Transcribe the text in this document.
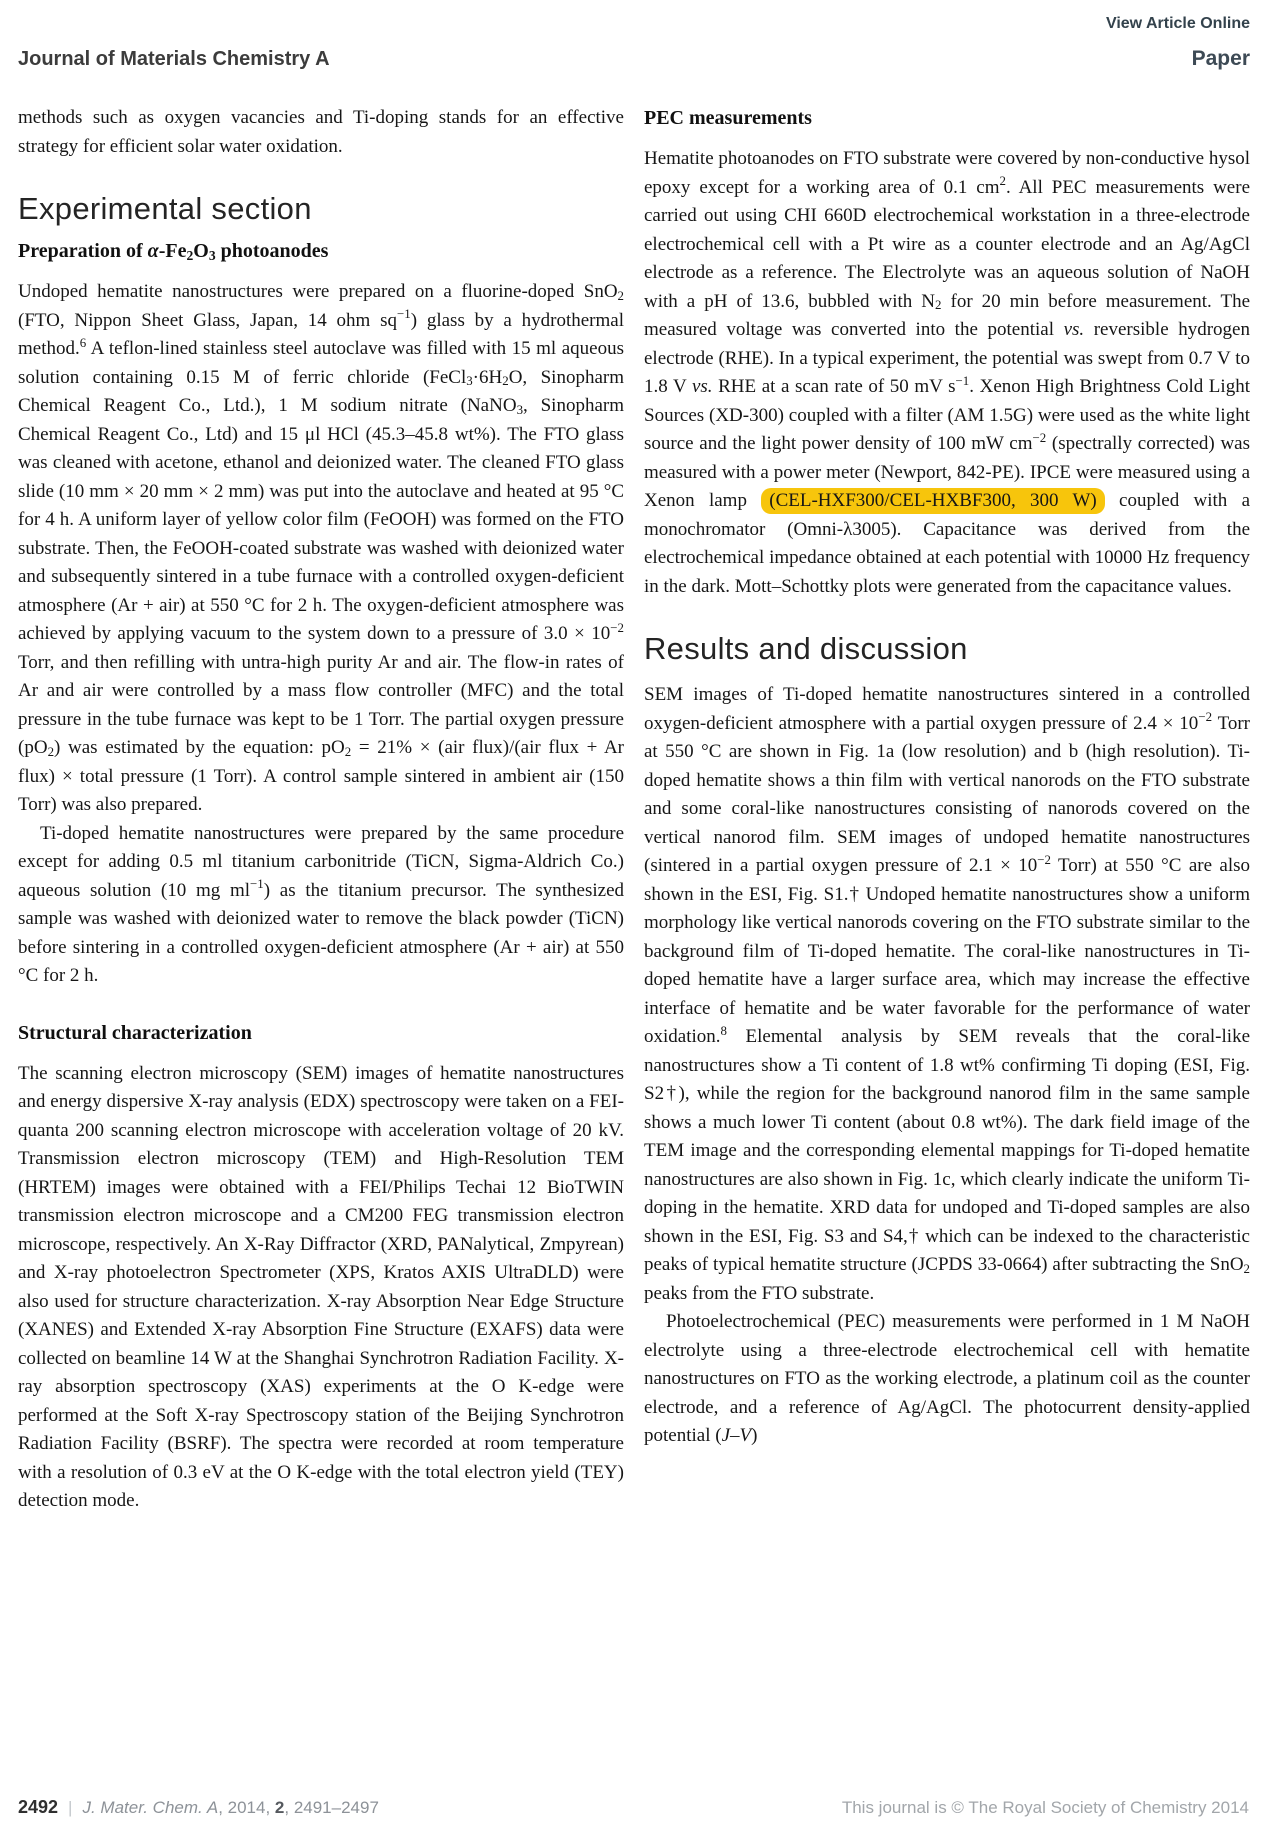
View Article Online
Journal of Materials Chemistry A	Paper

methods such as oxygen vacancies and Ti-doping stands for an effective strategy for efficient solar water oxidation.

Experimental section
Preparation of $\alpha-Fe_2O_3$ photoanodes

Undoped hematite nanostructures were prepared on a fluorine-doped SnO$_2$ (FTO, Nippon Sheet Glass, Japan, 14 ohm $sq^{-1}$) glass by a hydrothermal method.$^6$ A teflon-lined stainless steel autoclave was filled with 15 ml aqueous solution containing 0.15 M of ferric chloride ($FeCl_3\cdot 6H_2O$, Sinopharm Chemical Reagent Co., Ltd.), 1 M sodium nitrate (NaNO$_3$, Sinopharm Chemical Reagent Co., Ltd) and 15 μl HCl (45.3–45.8 wt%). The FTO glass was cleaned with acetone, ethanol and deionized water. The cleaned FTO glass slide (10 mm × 20 mm × 2 mm) was put into the autoclave and heated at 95 °C for 4 h. A uniform layer of yellow color film (FeOOH) was formed on the FTO substrate. Then, the FeOOH-coated substrate was washed with deionized water and subsequently sintered in a tube furnace with a controlled oxygen-deficient atmosphere (Ar + air) at 550 °C for 2 h. The oxygen-deficient atmosphere was achieved by applying vacuum to the system down to a pressure of $3.0 \times 10^{-2}$ Torr, and then refilling with untra-high purity Ar and air. The flow-in rates of Ar and air were controlled by a mass flow controller (MFC) and the total pressure in the tube furnace was kept to be 1 Torr. The partial oxygen pressure $(pO_2)$ was estimated by the equation: $pO_2 = 21\% \times (air$ flux)/(air flux + Ar flux) × total pressure (1 Torr). A control sample sintered in ambient air (150 Torr) was also prepared.

Ti-doped hematite nanostructures were prepared by the same procedure except for adding 0.5 ml titanium carbonitride (TiCN, Sigma-Aldrich Co.) aqueous solution (10 mg $ml^{-1}$) as the titanium precursor. The synthesized sample was washed with deionized water to remove the black powder (TiCN) before sintering in a controlled oxygen-deficient atmosphere (Ar + air) at 550 °C for 2 h.

Structural characterization

The scanning electron microscopy (SEM) images of hematite nanostructures and energy dispersive X-ray analysis (EDX) spectroscopy were taken on a FEI-quanta 200 scanning electron microscope with acceleration voltage of 20 kV. Transmission electron microscopy (TEM) and High-Resolution TEM (HRTEM) images were obtained with a FEI/Philips Techai 12 BioTWIN transmission electron microscope and a CM200 FEG transmission electron microscope, respectively. An X-Ray Diffractor (XRD, PANalytical, Zmpyrean) and X-ray photoelectron Spectrometer (XPS, Kratos AXIS UltraDLD) were also used for structure characterization. X-ray Absorption Near Edge Structure (XANES) and Extended X-ray Absorption Fine Structure (EXAFS) data were collected on beamline 14 W at the Shanghai Synchrotron Radiation Facility. X-ray absorption spectroscopy (XAS) experiments at the O K-edge were performed at the Soft X-ray Spectroscopy station of the Beijing Synchrotron Radiation Facility (BSRF). The spectra were recorded at room temperature with a resolution of 0.3 eV at the O K-edge with the total electron yield (TEY) detection mode.

PEC measurements

Hematite photoanodes on FTO substrate were covered by non-conductive hysol epoxy except for a working area of 0.1 $cm^2$. All PEC measurements were carried out using CHI 660D electrochemical workstation in a three-electrode electrochemical cell with a Pt wire as a counter electrode and an Ag/AgCl electrode as a reference. The Electrolyte was an aqueous solution of NaOH with a pH of 13.6, bubbled with $N_2$ for 20 min before measurement. The measured voltage was converted into the potential vs. reversible hydrogen electrode (RHE). In a typical experiment, the potential was swept from 0.7 V to 1.8 V vs. RHE at a scan rate of 50 mV $s^{-1}$. Xenon High Brightness Cold Light Sources (XD-300) coupled with a filter (AM 1.5G) were used as the white light source and the light power density of 100 mW $cm^{-2}$ (spectrally corrected) was measured with a power meter (Newport, 842-PE). IPCE were measured using a Xenon lamp (CEL-HXF300/CEL-HXBF300, 300 W) coupled with a monochromator (Omni-λ3005). Capacitance was derived from the electrochemical impedance obtained at each potential with 10000 Hz frequency in the dark. Mott–Schottky plots were generated from the capacitance values.

Results and discussion

SEM images of Ti-doped hematite nanostructures sintered in a controlled oxygen-deficient atmosphere with a partial oxygen pressure of $2.4 \times 10^{-2}$ Torr at 550 °C are shown in Fig. 1a (low resolution) and b (high resolution). Ti-doped hematite shows a thin film with vertical nanorods on the FTO substrate and some coral-like nanostructures consisting of nanorods covered on the vertical nanorod film. SEM images of undoped hematite nanostructures (sintered in a partial oxygen pressure of $2.1 \times 10^{-2}$ Torr) at 550 °C are also shown in the ESI, Fig. S1.† Undoped hematite nanostructures show a uniform morphology like vertical nanorods covering on the FTO substrate similar to the background film of Ti-doped hematite. The coral-like nanostructures in Ti-doped hematite have a larger surface area, which may increase the effective interface of hematite and be water favorable for the performance of water oxidation.$^8$ Elemental analysis by SEM reveals that the coral-like nanostructures show a Ti content of 1.8 wt% confirming Ti doping (ESI, Fig. S2†), while the region for the background nanorod film in the same sample shows a much lower Ti content (about 0.8 wt%). The dark field image of the TEM image and the corresponding elemental mappings for Ti-doped hematite nanostructures are also shown in Fig. 1c, which clearly indicate the uniform Ti-doping in the hematite. XRD data for undoped and Ti-doped samples are also shown in the ESI, Fig. S3 and S4,† which can be indexed to the characteristic peaks of typical hematite structure (JCPDS 33-0664) after subtracting the SnO$_2$ peaks from the FTO substrate.

Photoelectrochemical (PEC) measurements were performed in 1 M NaOH electrolyte using a three-electrode electrochemical cell with hematite nanostructures on FTO as the working electrode, a platinum coil as the counter electrode, and a reference of Ag/AgCl. The photocurrent density-applied potential (J–V)

2492 | J. Mater. Chem. A, 2014, 2, 2491–2497	This journal is © The Royal Society of Chemistry 2014
